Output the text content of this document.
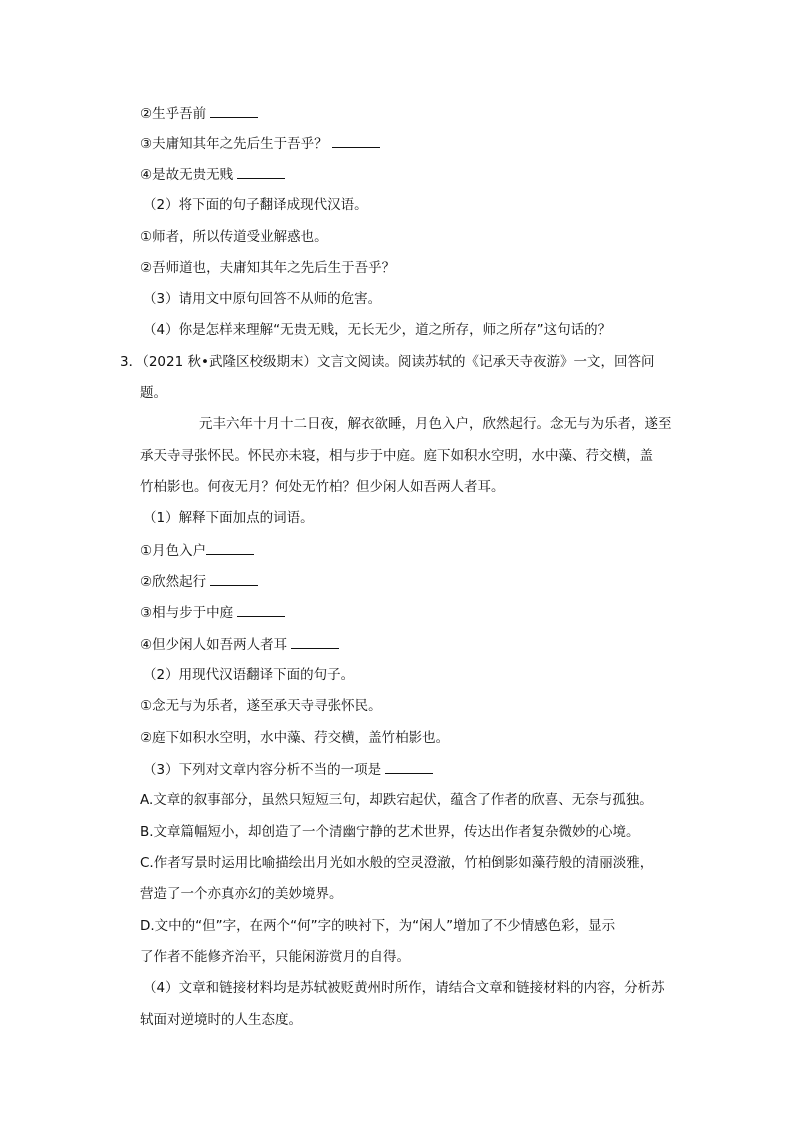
②生乎吾前
③夫庸知其年之先后生于吾乎？
④是故无贵无贱
（2）将下面的句子翻译成现代汉语。
①师者，所以传道受业解惑也。
②吾师道也，夫庸知其年之先后生于吾乎？
（3）请用文中原句回答不从师的危害。
（4）你是怎样来理解“无贵无贱，无长无少，道之所存，师之所存”这句话的？
3．（2021 秋•武隆区校级期末）文言文阅读。阅读苏轼的《记承天寺夜游》一文，回答问
题。
元丰六年十月十二日夜，解衣欲睡，月色入户，欣然起行。念无与为乐者，遂至
承天寺寻张怀民。怀民亦未寝，相与步于中庭。庭下如积水空明，水中藻、荇交横，盖
竹柏影也。何夜无月？何处无竹柏？但少闲人如吾两人者耳。
（1）解释下面加点的词语。
①月色入户
②欣然起行
③相与步于中庭
④但少闲人如吾两人者耳
（2）用现代汉语翻译下面的句子。
①念无与为乐者，遂至承天寺寻张怀民。
②庭下如积水空明，水中藻、荇交横，盖竹柏影也。
（3）下列对文章内容分析不当的一项是
A.文章的叙事部分，虽然只短短三句，却跌宕起伏，蕴含了作者的欣喜、无奈与孤独。
B.文章篇幅短小，却创造了一个清幽宁静的艺术世界，传达出作者复杂微妙的心境。
C.作者写景时运用比喻描绘出月光如水般的空灵澄澈，竹柏倒影如藻荇般的清丽淡雅，
营造了一个亦真亦幻的美妙境界。
D.文中的“但”字，在两个“何”字的映衬下，为“闲人”增加了不少情感色彩，显示
了作者不能修齐治平，只能闲游赏月的自得。
（4）文章和链接材料均是苏轼被贬黄州时所作，请结合文章和链接材料的内容，分析苏
轼面对逆境时的人生态度。
